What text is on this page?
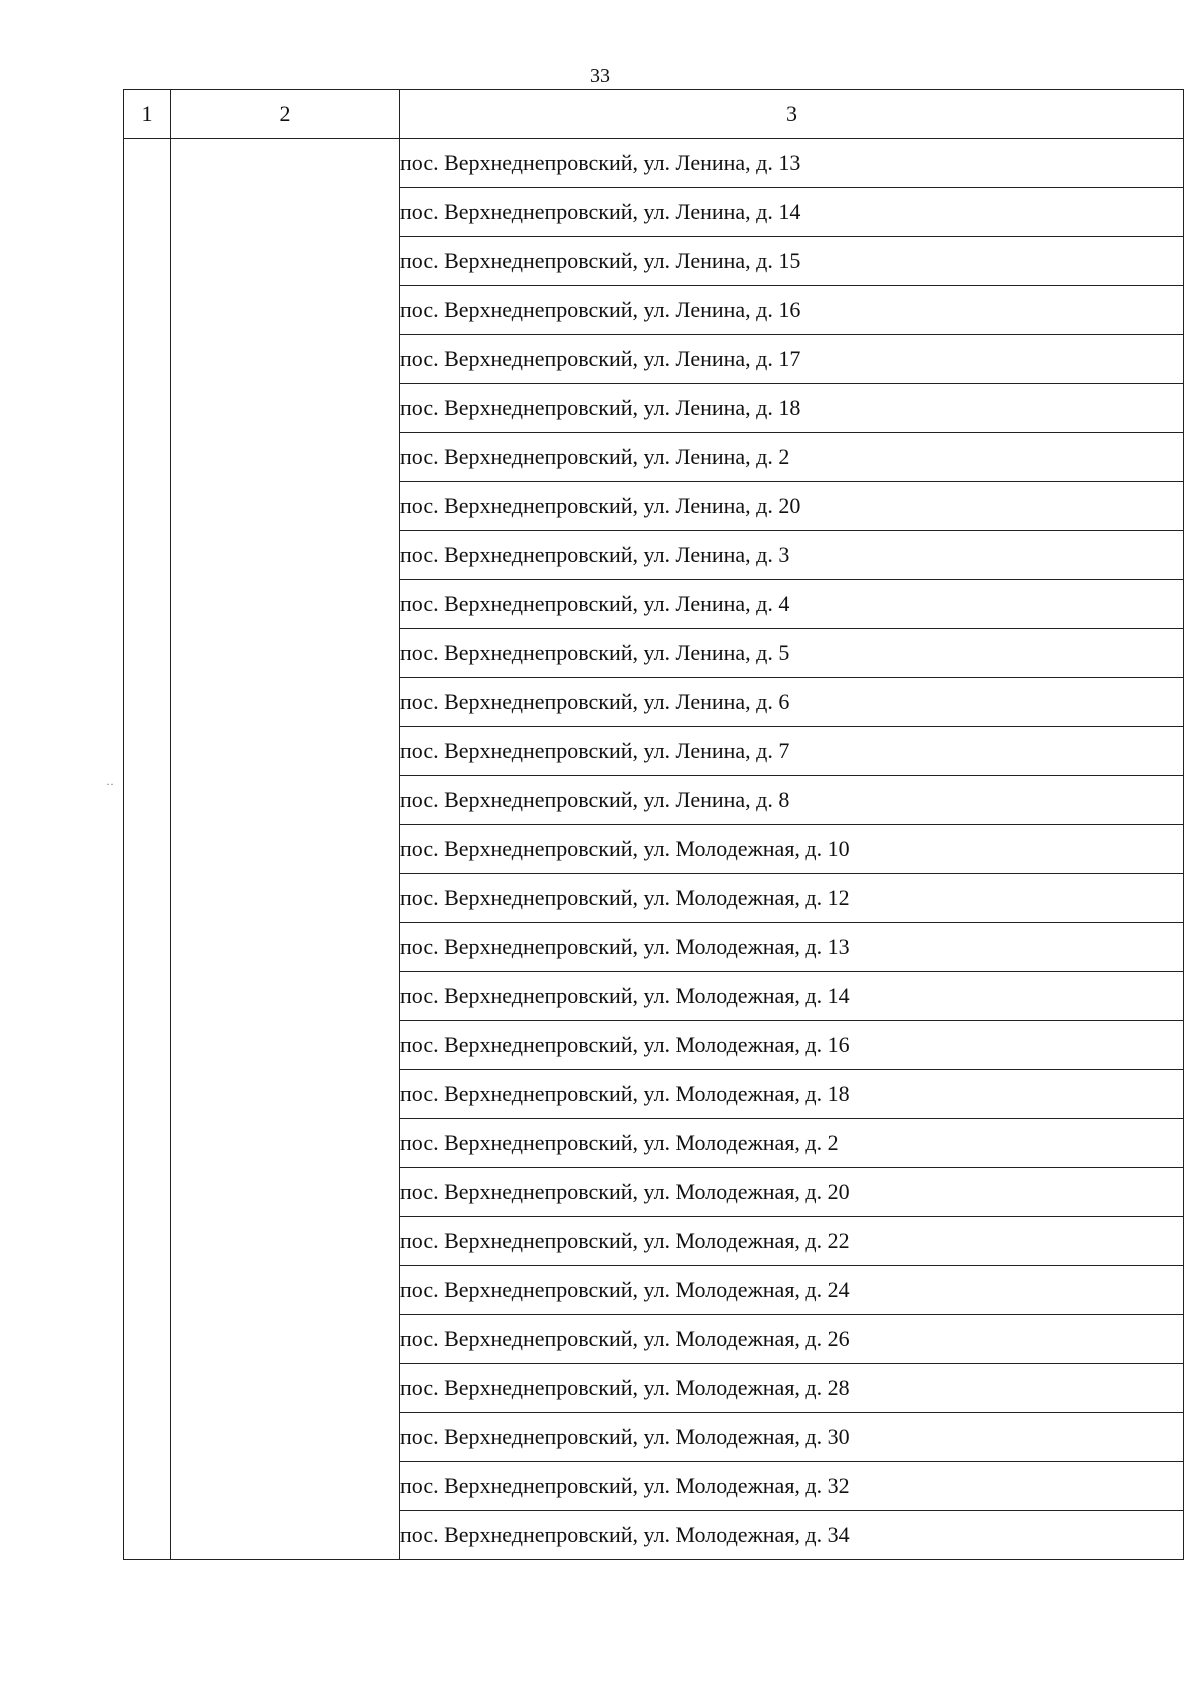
33
··
1	2	3
		пос. Верхнеднепровский, ул. Ленина, д. 13
		пос. Верхнеднепровский, ул. Ленина, д. 14
		пос. Верхнеднепровский, ул. Ленина, д. 15
		пос. Верхнеднепровский, ул. Ленина, д. 16
		пос. Верхнеднепровский, ул. Ленина, д. 17
		пос. Верхнеднепровский, ул. Ленина, д. 18
		пос. Верхнеднепровский, ул. Ленина, д. 2
		пос. Верхнеднепровский, ул. Ленина, д. 20
		пос. Верхнеднепровский, ул. Ленина, д. 3
		пос. Верхнеднепровский, ул. Ленина, д. 4
		пос. Верхнеднепровский, ул. Ленина, д. 5
		пос. Верхнеднепровский, ул. Ленина, д. 6
		пос. Верхнеднепровский, ул. Ленина, д. 7
		пос. Верхнеднепровский, ул. Ленина, д. 8
		пос. Верхнеднепровский, ул. Молодежная, д. 10
		пос. Верхнеднепровский, ул. Молодежная, д. 12
		пос. Верхнеднепровский, ул. Молодежная, д. 13
		пос. Верхнеднепровский, ул. Молодежная, д. 14
		пос. Верхнеднепровский, ул. Молодежная, д. 16
		пос. Верхнеднепровский, ул. Молодежная, д. 18
		пос. Верхнеднепровский, ул. Молодежная, д. 2
		пос. Верхнеднепровский, ул. Молодежная, д. 20
		пос. Верхнеднепровский, ул. Молодежная, д. 22
		пос. Верхнеднепровский, ул. Молодежная, д. 24
		пос. Верхнеднепровский, ул. Молодежная, д. 26
		пос. Верхнеднепровский, ул. Молодежная, д. 28
		пос. Верхнеднепровский, ул. Молодежная, д. 30
		пос. Верхнеднепровский, ул. Молодежная, д. 32
		пос. Верхнеднепровский, ул. Молодежная, д. 34
